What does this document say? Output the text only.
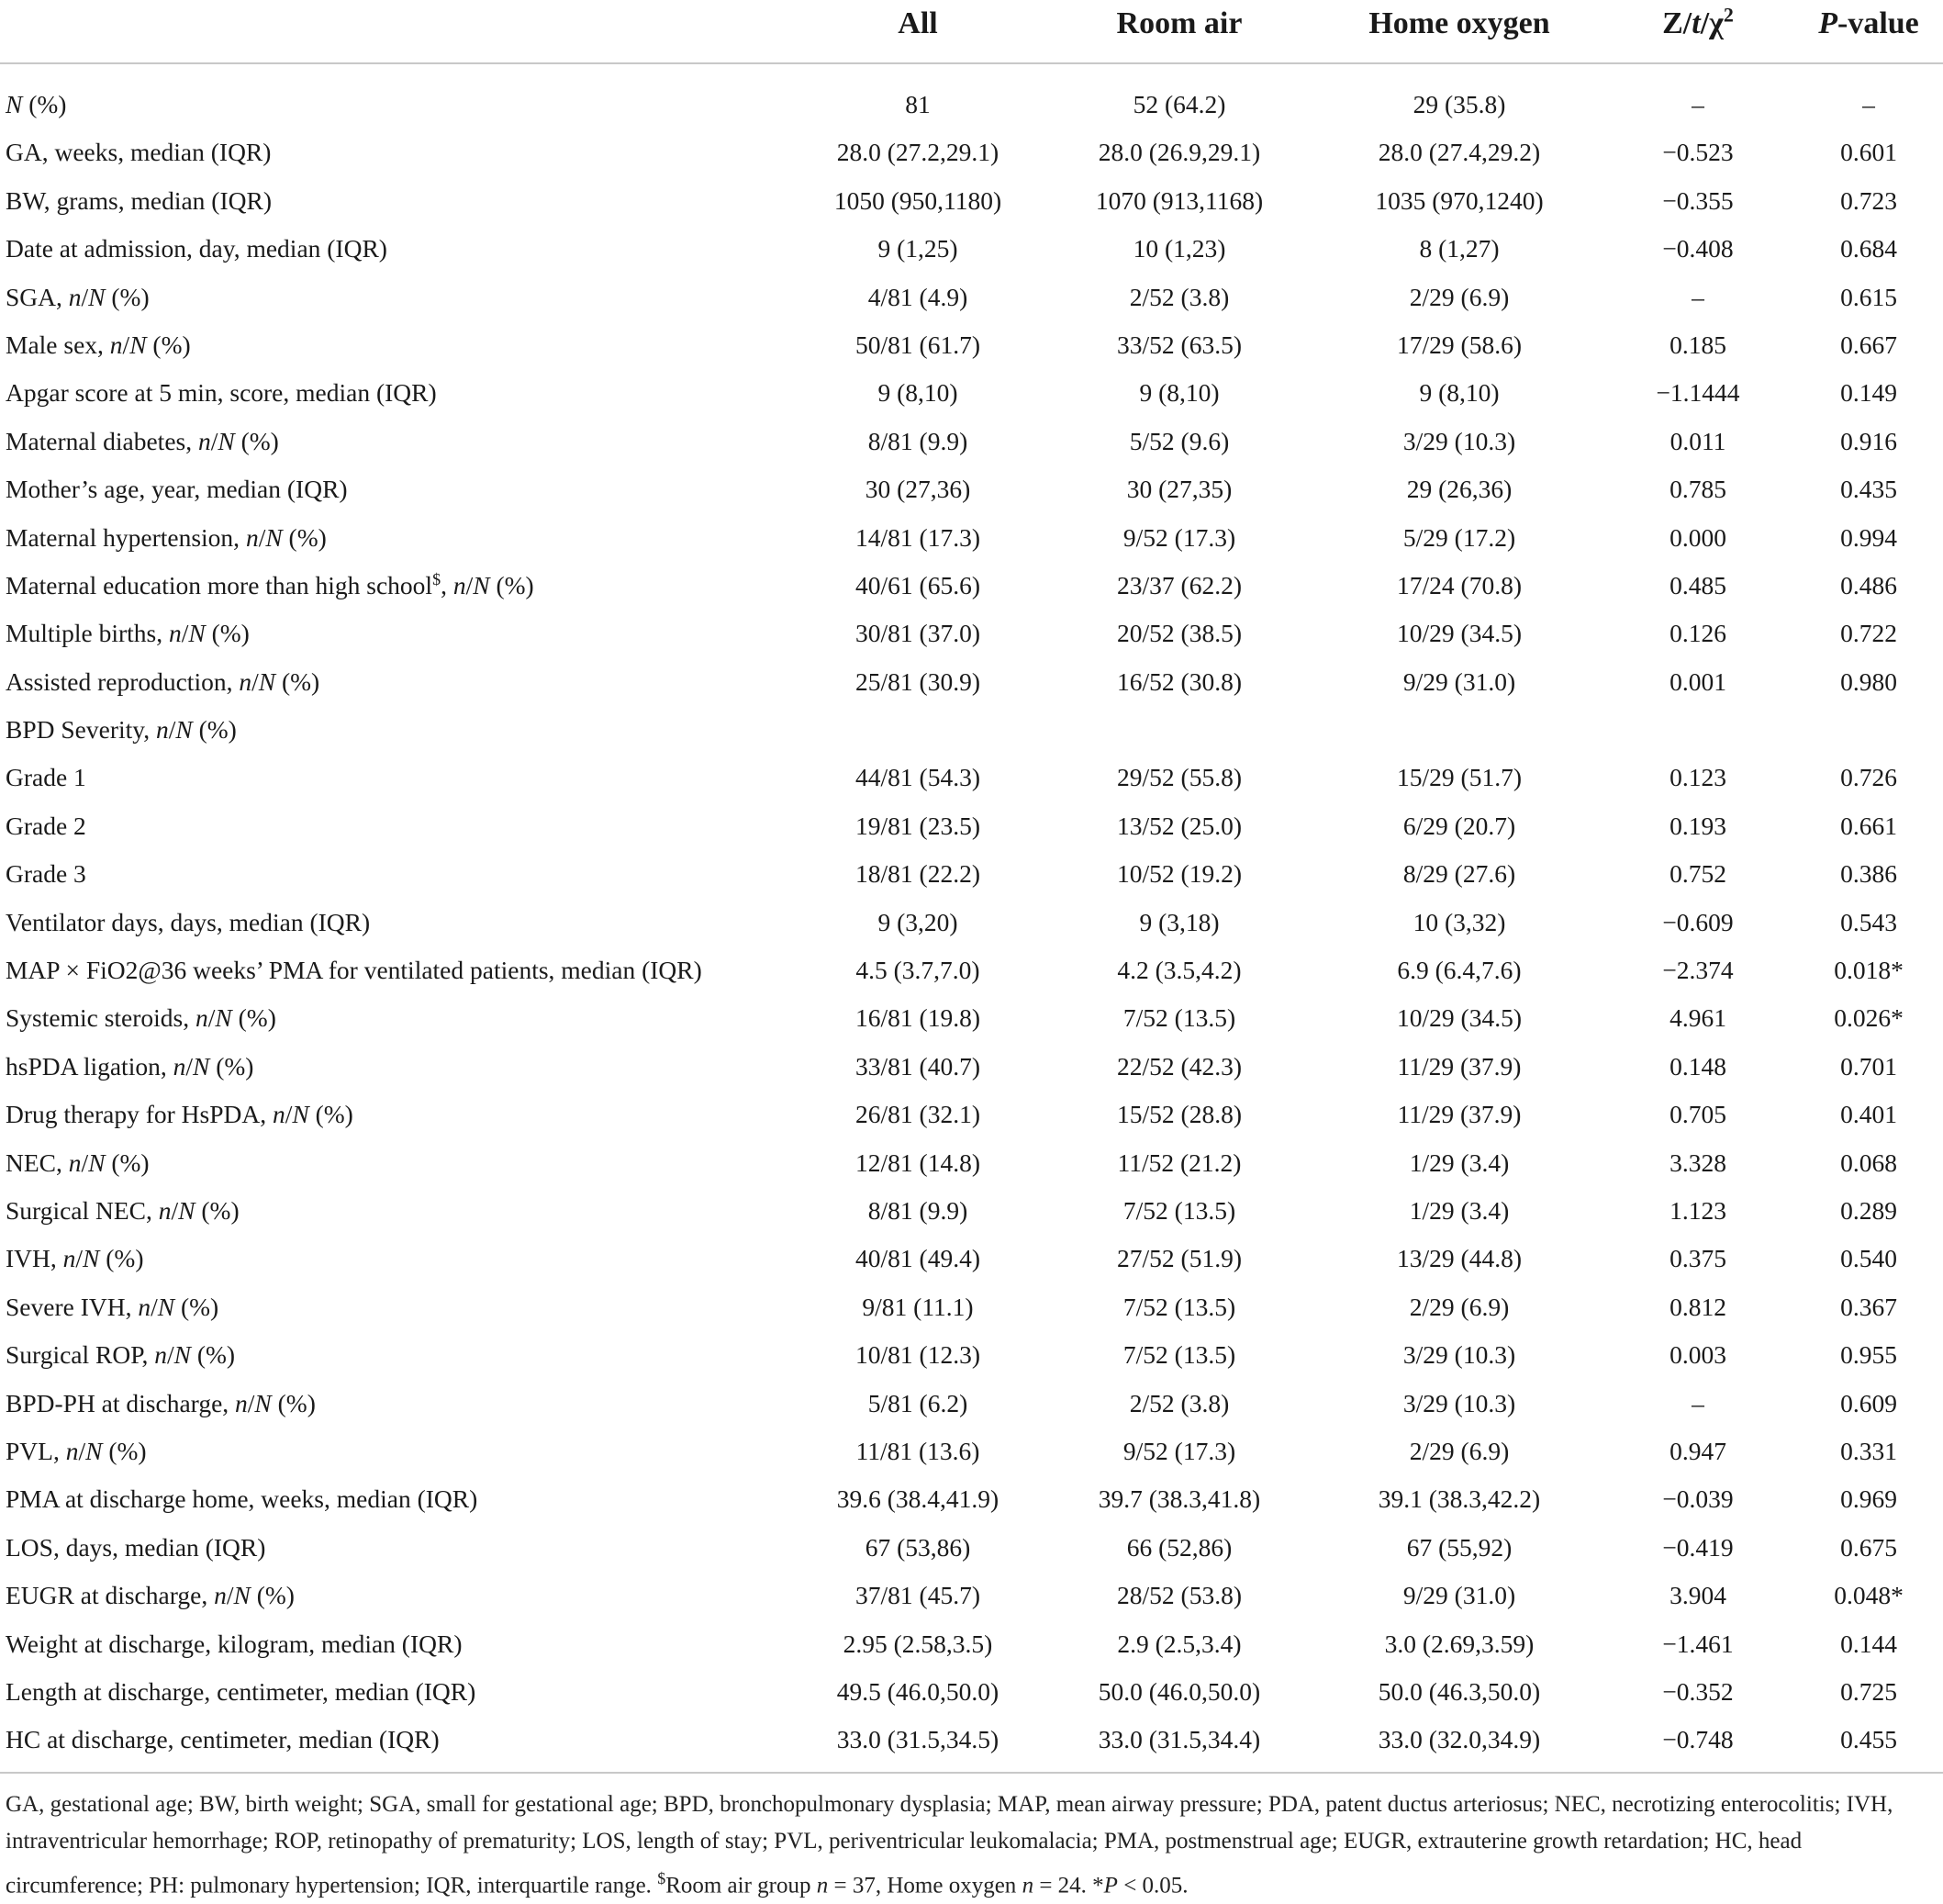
All	Room air	Home oxygen	$Z/t/\chi^2$	P-value
N (%)	81	52 (64.2)	29 (35.8)	–	–
GA, weeks, median (IQR)	28.0 (27.2,29.1)	28.0 (26.9,29.1)	28.0 (27.4,29.2)	−0.523	0.601
BW, grams, median (IQR)	1050 (950,1180)	1070 (913,1168)	1035 (970,1240)	−0.355	0.723
Date at admission, day, median (IQR)	9 (1,25)	10 (1,23)	8 (1,27)	−0.408	0.684
SGA, n/N (%)	4/81 (4.9)	2/52 (3.8)	2/29 (6.9)	–	0.615
Male sex, n/N (%)	50/81 (61.7)	33/52 (63.5)	17/29 (58.6)	0.185	0.667
Apgar score at 5 min, score, median (IQR)	9 (8,10)	9 (8,10)	9 (8,10)	−1.1444	0.149
Maternal diabetes, n/N (%)	8/81 (9.9)	5/52 (9.6)	3/29 (10.3)	0.011	0.916
Mother’s age, year, median (IQR)	30 (27,36)	30 (27,35)	29 (26,36)	0.785	0.435
Maternal hypertension, n/N (%)	14/81 (17.3)	9/52 (17.3)	5/29 (17.2)	0.000	0.994
Maternal education more than high school$, n/N (%)	40/61 (65.6)	23/37 (62.2)	17/24 (70.8)	0.485	0.486
Multiple births, n/N (%)	30/81 (37.0)	20/52 (38.5)	10/29 (34.5)	0.126	0.722
Assisted reproduction, n/N (%)	25/81 (30.9)	16/52 (30.8)	9/29 (31.0)	0.001	0.980
BPD Severity, n/N (%)
Grade 1	44/81 (54.3)	29/52 (55.8)	15/29 (51.7)	0.123	0.726
Grade 2	19/81 (23.5)	13/52 (25.0)	6/29 (20.7)	0.193	0.661
Grade 3	18/81 (22.2)	10/52 (19.2)	8/29 (27.6)	0.752	0.386
Ventilator days, days, median (IQR)	9 (3,20)	9 (3,18)	10 (3,32)	−0.609	0.543
MAP × FiO2@36 weeks’ PMA for ventilated patients, median (IQR)	4.5 (3.7,7.0)	4.2 (3.5,4.2)	6.9 (6.4,7.6)	−2.374	0.018*
Systemic steroids, n/N (%)	16/81 (19.8)	7/52 (13.5)	10/29 (34.5)	4.961	0.026*
hsPDA ligation, n/N (%)	33/81 (40.7)	22/52 (42.3)	11/29 (37.9)	0.148	0.701
Drug therapy for HsPDA, n/N (%)	26/81 (32.1)	15/52 (28.8)	11/29 (37.9)	0.705	0.401
NEC, n/N (%)	12/81 (14.8)	11/52 (21.2)	1/29 (3.4)	3.328	0.068
Surgical NEC, n/N (%)	8/81 (9.9)	7/52 (13.5)	1/29 (3.4)	1.123	0.289
IVH, n/N (%)	40/81 (49.4)	27/52 (51.9)	13/29 (44.8)	0.375	0.540
Severe IVH, n/N (%)	9/81 (11.1)	7/52 (13.5)	2/29 (6.9)	0.812	0.367
Surgical ROP, n/N (%)	10/81 (12.3)	7/52 (13.5)	3/29 (10.3)	0.003	0.955
BPD-PH at discharge, n/N (%)	5/81 (6.2)	2/52 (3.8)	3/29 (10.3)	–	0.609
PVL, n/N (%)	11/81 (13.6)	9/52 (17.3)	2/29 (6.9)	0.947	0.331
PMA at discharge home, weeks, median (IQR)	39.6 (38.4,41.9)	39.7 (38.3,41.8)	39.1 (38.3,42.2)	−0.039	0.969
LOS, days, median (IQR)	67 (53,86)	66 (52,86)	67 (55,92)	−0.419	0.675
EUGR at discharge, n/N (%)	37/81 (45.7)	28/52 (53.8)	9/29 (31.0)	3.904	0.048*
Weight at discharge, kilogram, median (IQR)	2.95 (2.58,3.5)	2.9 (2.5,3.4)	3.0 (2.69,3.59)	−1.461	0.144
Length at discharge, centimeter, median (IQR)	49.5 (46.0,50.0)	50.0 (46.0,50.0)	50.0 (46.3,50.0)	−0.352	0.725
HC at discharge, centimeter, median (IQR)	33.0 (31.5,34.5)	33.0 (31.5,34.4)	33.0 (32.0,34.9)	−0.748	0.455
GA, gestational age; BW, birth weight; SGA, small for gestational age; BPD, bronchopulmonary dysplasia; MAP, mean airway pressure; PDA, patent ductus arteriosus; NEC, necrotizing enterocolitis; IVH, intraventricular hemorrhage; ROP, retinopathy of prematurity; LOS, length of stay; PVL, periventricular leukomalacia; PMA, postmenstrual age; EUGR, extrauterine growth retardation; HC, head circumference; PH: pulmonary hypertension; IQR, interquartile range. $Room air group n = 37, Home oxygen n = 24. *P < 0.05.
